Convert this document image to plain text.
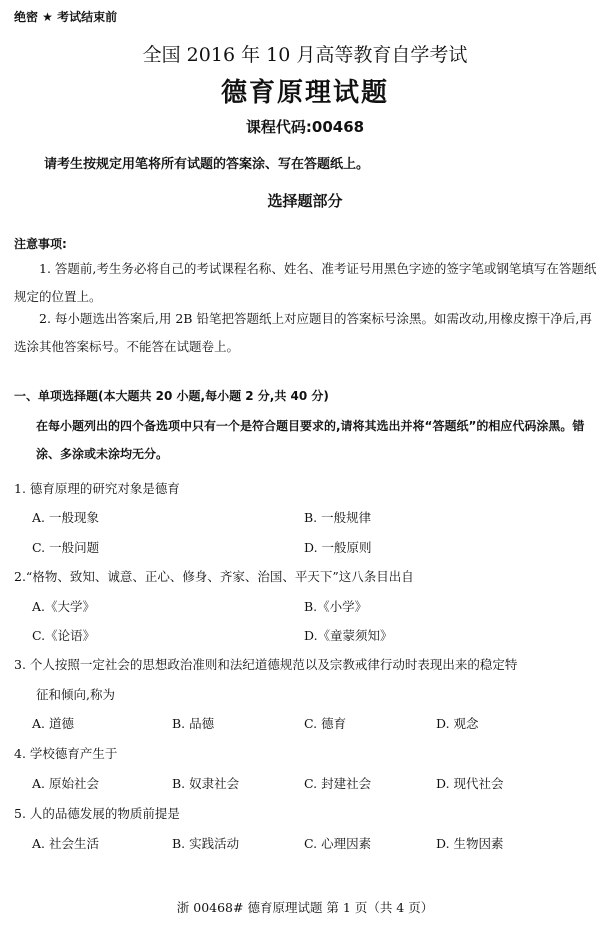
绝密 ★ 考试结束前
全国 2016 年 10 月高等教育自学考试
德育原理试题
课程代码:00468
请考生按规定用笔将所有试题的答案涂、写在答题纸上。
选择题部分
注意事项:
1. 答题前,考生务必将自己的考试课程名称、姓名、准考证号用黑色字迹的签字笔或钢笔填写在答题纸规定的位置上。
2. 每小题选出答案后,用 2B 铅笔把答题纸上对应题目的答案标号涂黑。如需改动,用橡皮擦干净后,再选涂其他答案标号。不能答在试题卷上。
一、单项选择题(本大题共 20 小题,每小题 2 分,共 40 分)
在每小题列出的四个备选项中只有一个是符合题目要求的,请将其选出并将“答题纸”的相应代码涂黑。错涂、多涂或未涂均无分。
1. 德育原理的研究对象是德育
A. 一般现象	B. 一般规律
C. 一般问题	D. 一般原则
2.“格物、致知、诚意、正心、修身、齐家、治国、平天下”这八条目出自
A.《大学》	B.《小学》
C.《论语》	D.《童蒙须知》
3. 个人按照一定社会的思想政治准则和法纪道德规范以及宗教戒律行动时表现出来的稳定特
征和倾向,称为
A. 道德	B. 品德	C. 德育	D. 观念
4. 学校德育产生于
A. 原始社会	B. 奴隶社会	C. 封建社会	D. 现代社会
5. 人的品德发展的物质前提是
A. 社会生活	B. 实践活动	C. 心理因素	D. 生物因素
浙 00468# 德育原理试题 第 1 页（共 4 页）
